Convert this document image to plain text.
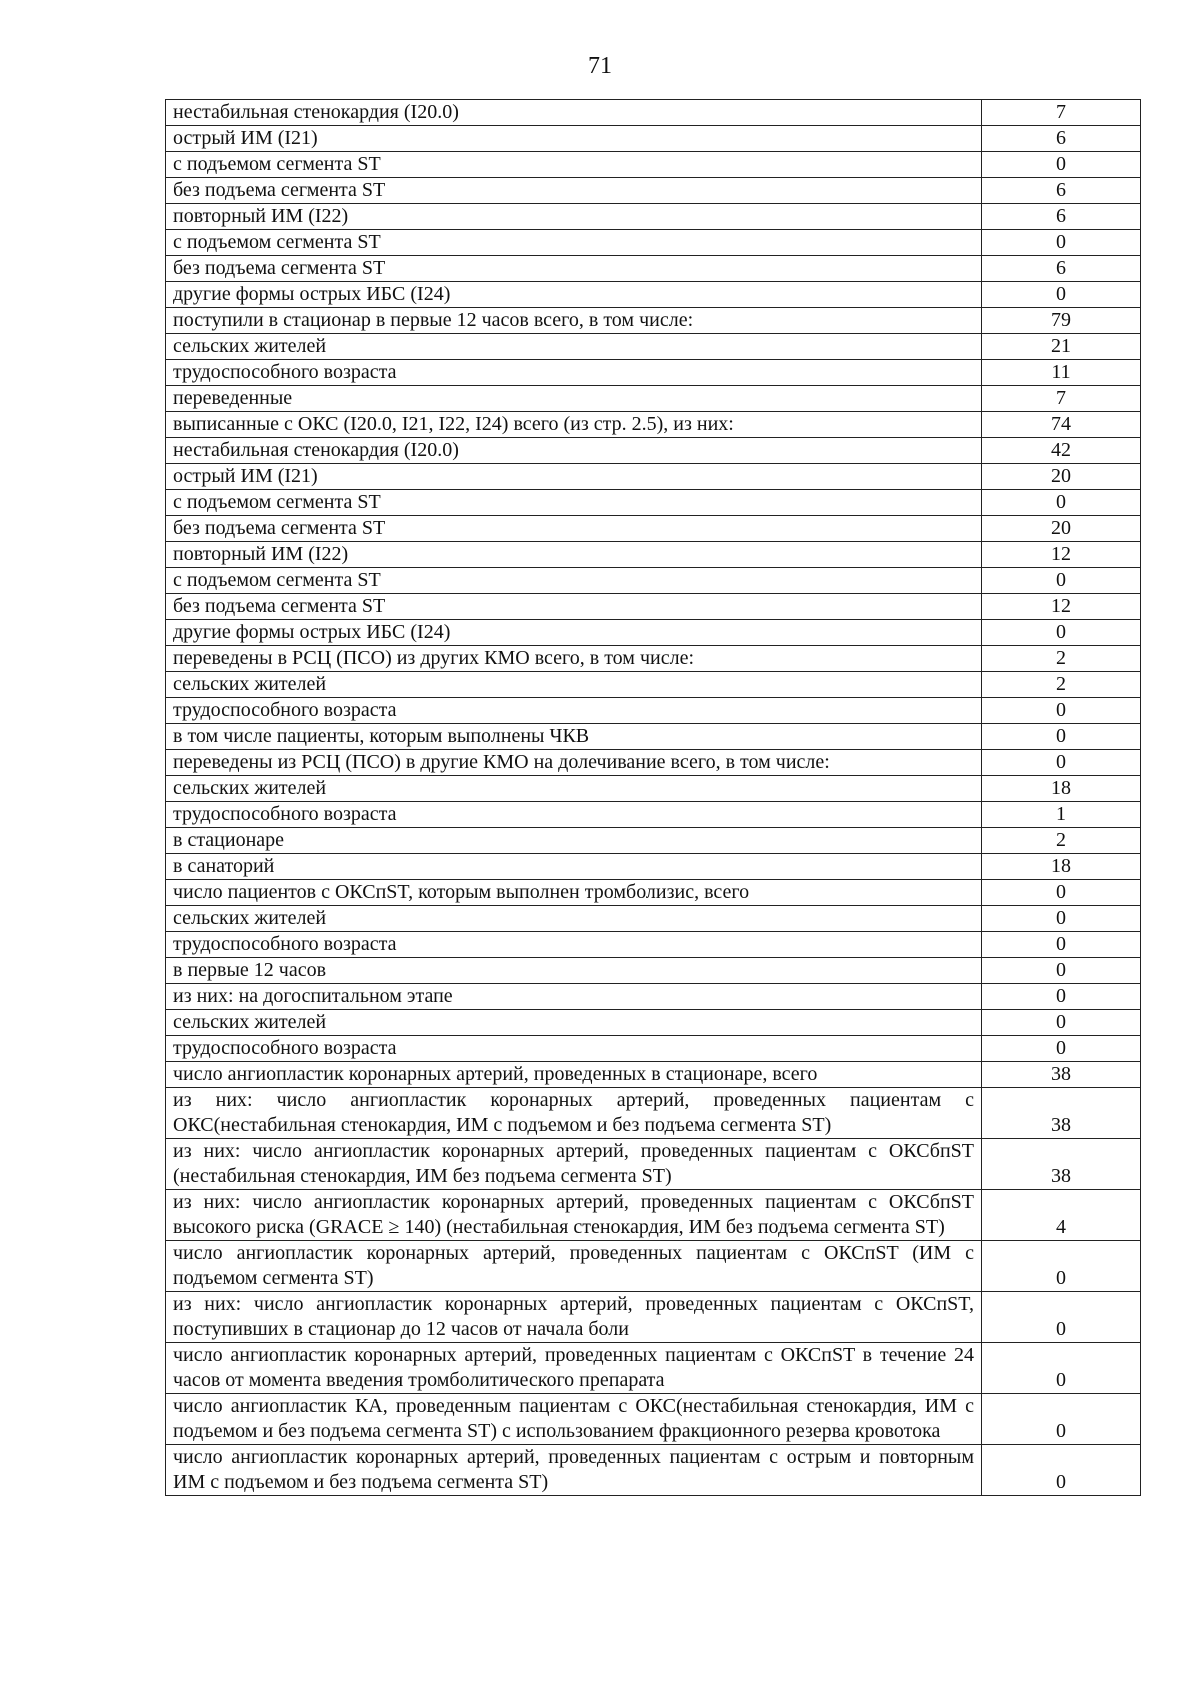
71
нестабильная стенокардия (I20.0)	7
острый ИМ (I21)	6
с подъемом сегмента ST	0
без подъема сегмента ST	6
повторный ИМ (I22)	6
с подъемом сегмента ST	0
без подъема сегмента ST	6
другие формы острых ИБС (I24)	0
поступили в стационар в первые 12 часов всего, в том числе:	79
сельских жителей	21
трудоспособного возраста	11
переведенные	7
выписанные с ОКС (I20.0, I21, I22, I24) всего (из стр. 2.5), из них:	74
нестабильная стенокардия (I20.0)	42
острый ИМ (I21)	20
с подъемом сегмента ST	0
без подъема сегмента ST	20
повторный ИМ (I22)	12
с подъемом сегмента ST	0
без подъема сегмента ST	12
другие формы острых ИБС (I24)	0
переведены в РСЦ (ПСО) из других КМО всего, в том числе:	2
сельских жителей	2
трудоспособного возраста	0
в том числе пациенты, которым выполнены ЧКВ	0
переведены из РСЦ (ПСО) в другие КМО на долечивание всего, в том числе:	0
сельских жителей	18
трудоспособного возраста	1
в стационаре	2
в санаторий	18
число пациентов с ОКСпST, которым выполнен тромболизис, всего	0
сельских жителей	0
трудоспособного возраста	0
в первые 12 часов	0
из них: на догоспитальном этапе	0
сельских жителей	0
трудоспособного возраста	0
число ангиопластик коронарных артерий, проведенных в стационаре, всего	38
из них: число ангиопластик коронарных артерий, проведенных пациентам с ОКС(нестабильная стенокардия, ИМ с подъемом и без подъема сегмента ST)	38
из них: число ангиопластик коронарных артерий, проведенных пациентам с ОКСбпST (нестабильная стенокардия, ИМ без подъема сегмента ST)	38
из них: число ангиопластик коронарных артерий, проведенных пациентам с ОКСбпST высокого риска (GRACE ≥ 140) (нестабильная стенокардия, ИМ без подъема сегмента ST)	4
число ангиопластик коронарных артерий, проведенных пациентам с ОКСпST (ИМ с подъемом сегмента ST)	0
из них: число ангиопластик коронарных артерий, проведенных пациентам с ОКСпST, поступивших в стационар до 12 часов от начала боли	0
число ангиопластик коронарных артерий, проведенных пациентам с ОКСпST в течение 24 часов от момента введения тромболитического препарата	0
число ангиопластик КА, проведенным пациентам с ОКС(нестабильная стенокардия, ИМ с подъемом и без подъема сегмента ST) с использованием фракционного резерва кровотока	0
число ангиопластик коронарных артерий, проведенных пациентам с острым и повторным ИМ с подъемом и без подъема сегмента ST)	0
